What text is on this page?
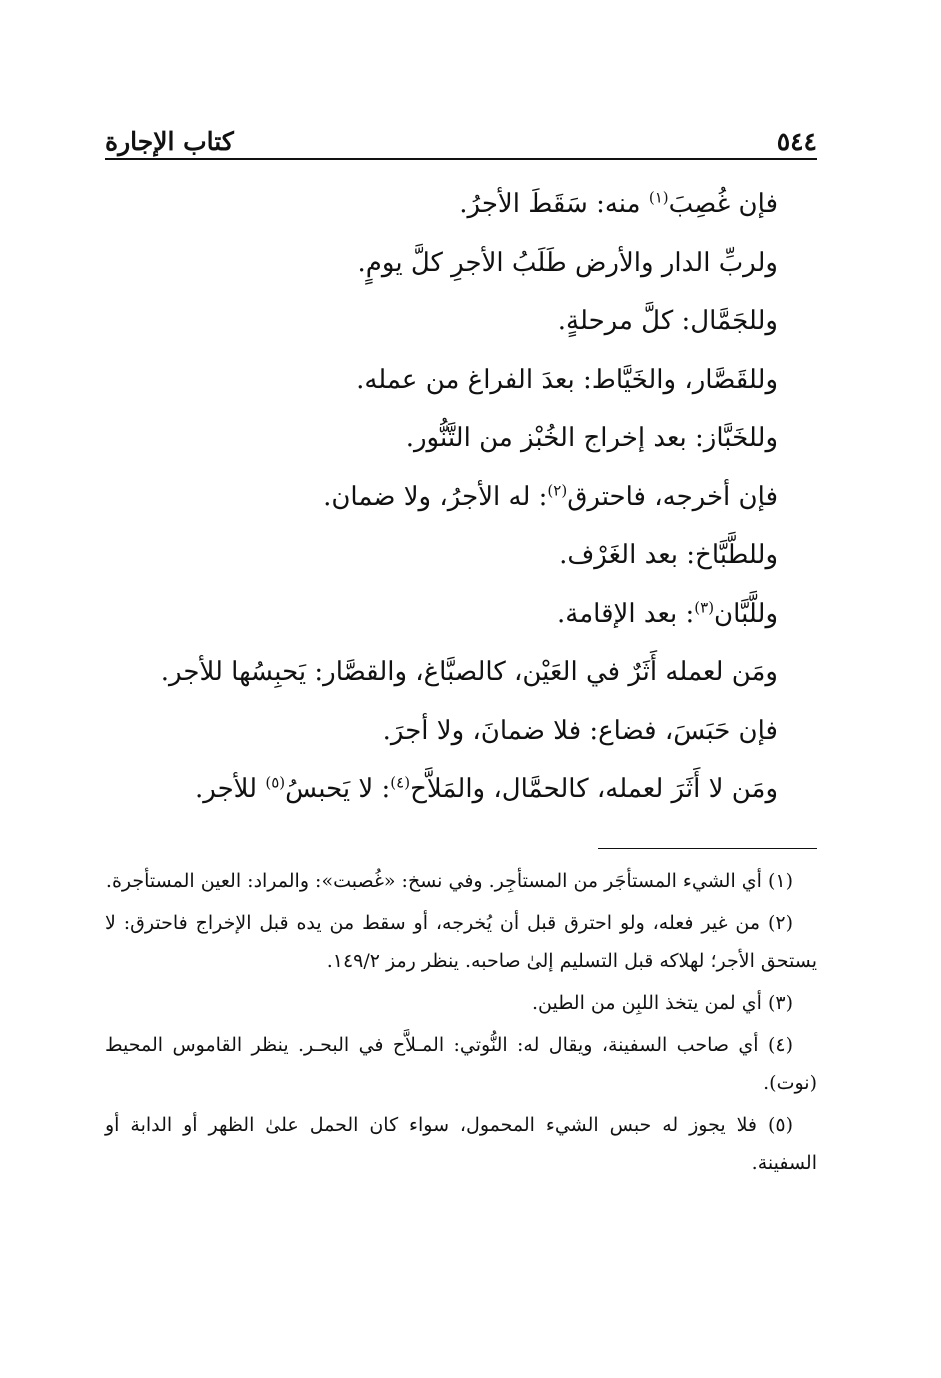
٥٤٤
كتاب الإجارة
فإن غُصِبَ$^{(١)}$ منه: سَقَطَ الأجرُ.
ولربِّ الدار والأرض طَلَبُ الأجرِ كلَّ يومٍ.
وللجَمَّال: كلَّ مرحلةٍ.
وللقَصَّار، والخَيَّاط: بعدَ الفراغ من عمله.
وللخَبَّاز: بعد إخراج الخُبْز من التَّنُّور.
فإن أخرجه، فاحترق$^{(٢)}$: له الأجرُ، ولا ضمان.
وللطَّبَّاخ: بعد الغَرْف.
وللَّبَّان$^{(٣)}$: بعد الإقامة.
ومَن لعمله أَثَرٌ في العَيْن، كالصبَّاغ، والقصَّار: يَحبِسُها للأجر.
فإن حَبَسَ، فضاع: فلا ضمانَ، ولا أجرَ.
ومَن لا أَثَرَ لعمله، كالحمَّال، والمَلاَّح$^{(٤)}$: لا يَحبسُ$^{(٥)}$ للأجر.

(١) أي الشيء المستأجَر من المستأجِر. وفي نسخ: «غُصبت»: والمراد: العين المستأجرة.

(٢) من غير فعله، ولو احترق قبل أن يُخرجه، أو سقط من يده قبل الإخراج فاحترق: لا يستحق الأجر؛ لهلاكه قبل التسليم إلىٰ صاحبه. ينظر رمز ١٤٩/٢.

(٣) أي لمن يتخذ اللبِن من الطين.

(٤) أي صاحب السفينة، ويقال له: النُّوتي: المـلاَّح في البحـر. ينظر القاموس المحيط (نوت).

(٥) فلا يجوز له حبس الشيء المحمول، سواء كان الحمل علىٰ الظهر أو الدابة أو السفينة.
